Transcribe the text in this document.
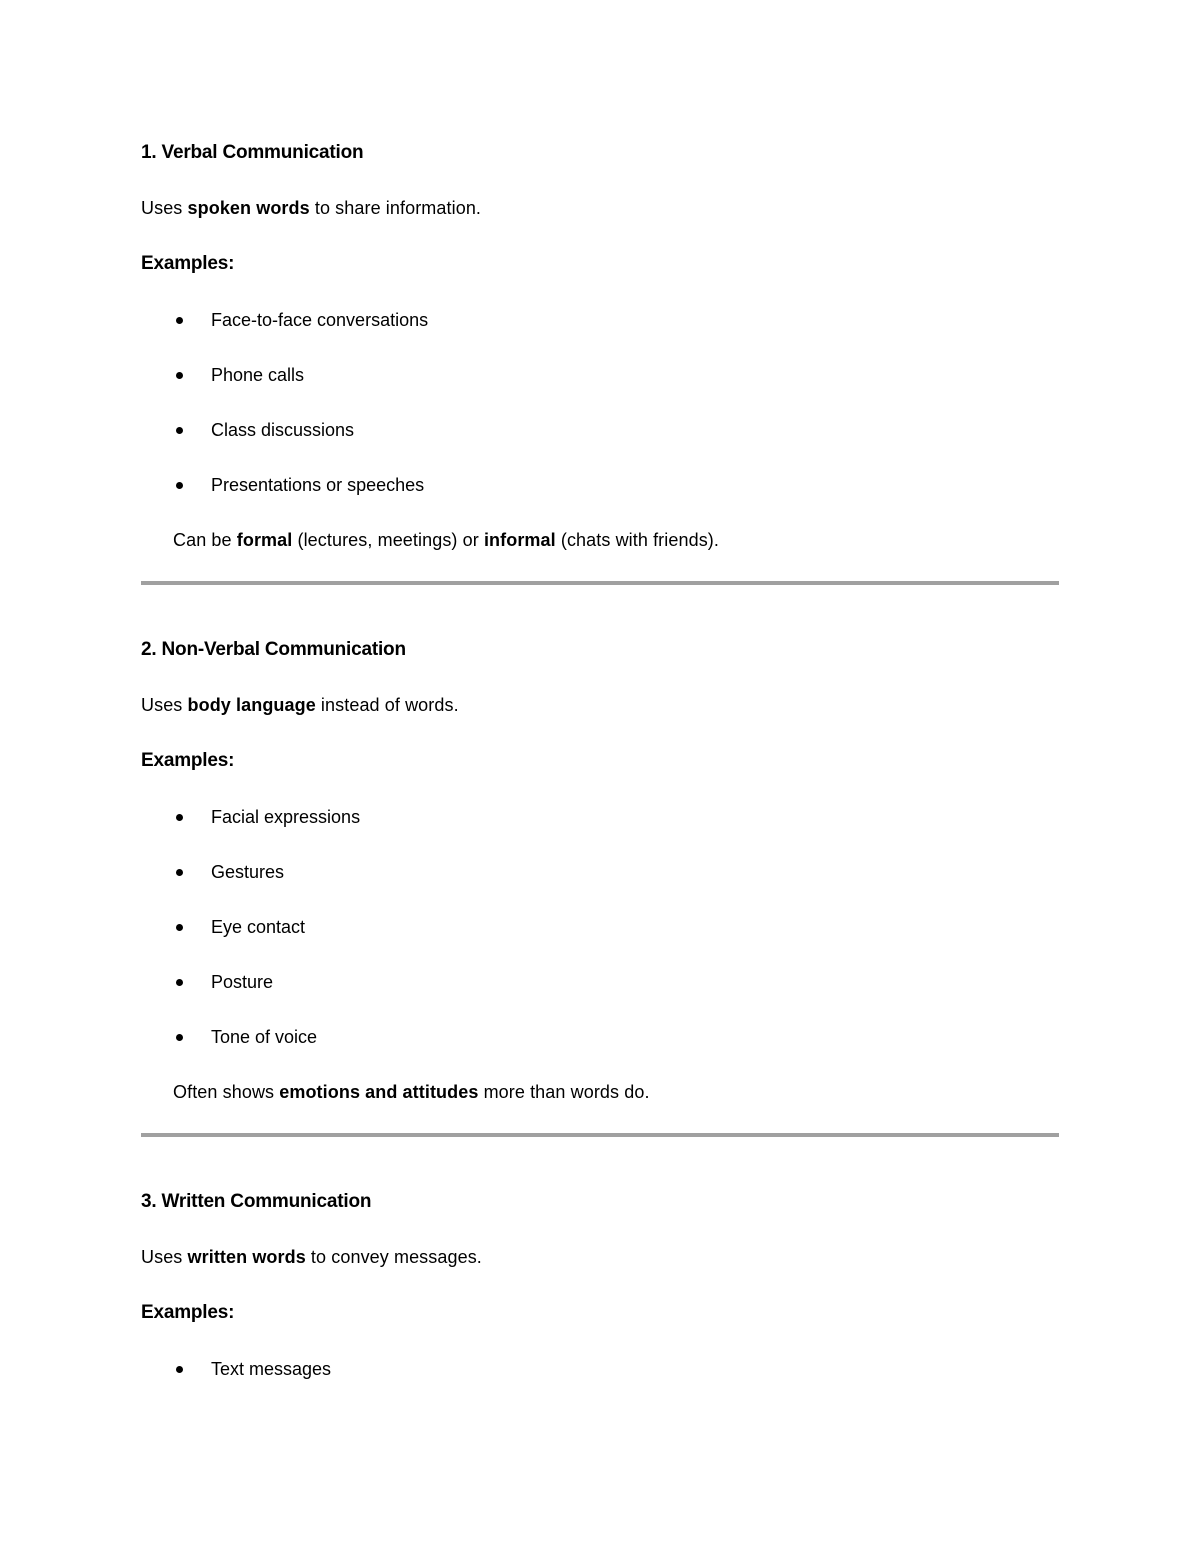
1. Verbal Communication
Uses spoken words to share information.
Examples:
Face-to-face conversations
Phone calls
Class discussions
Presentations or speeches
Can be formal (lectures, meetings) or informal (chats with friends).
2. Non-Verbal Communication
Uses body language instead of words.
Examples:
Facial expressions
Gestures
Eye contact
Posture
Tone of voice
Often shows emotions and attitudes more than words do.
3. Written Communication
Uses written words to convey messages.
Examples:
Text messages
